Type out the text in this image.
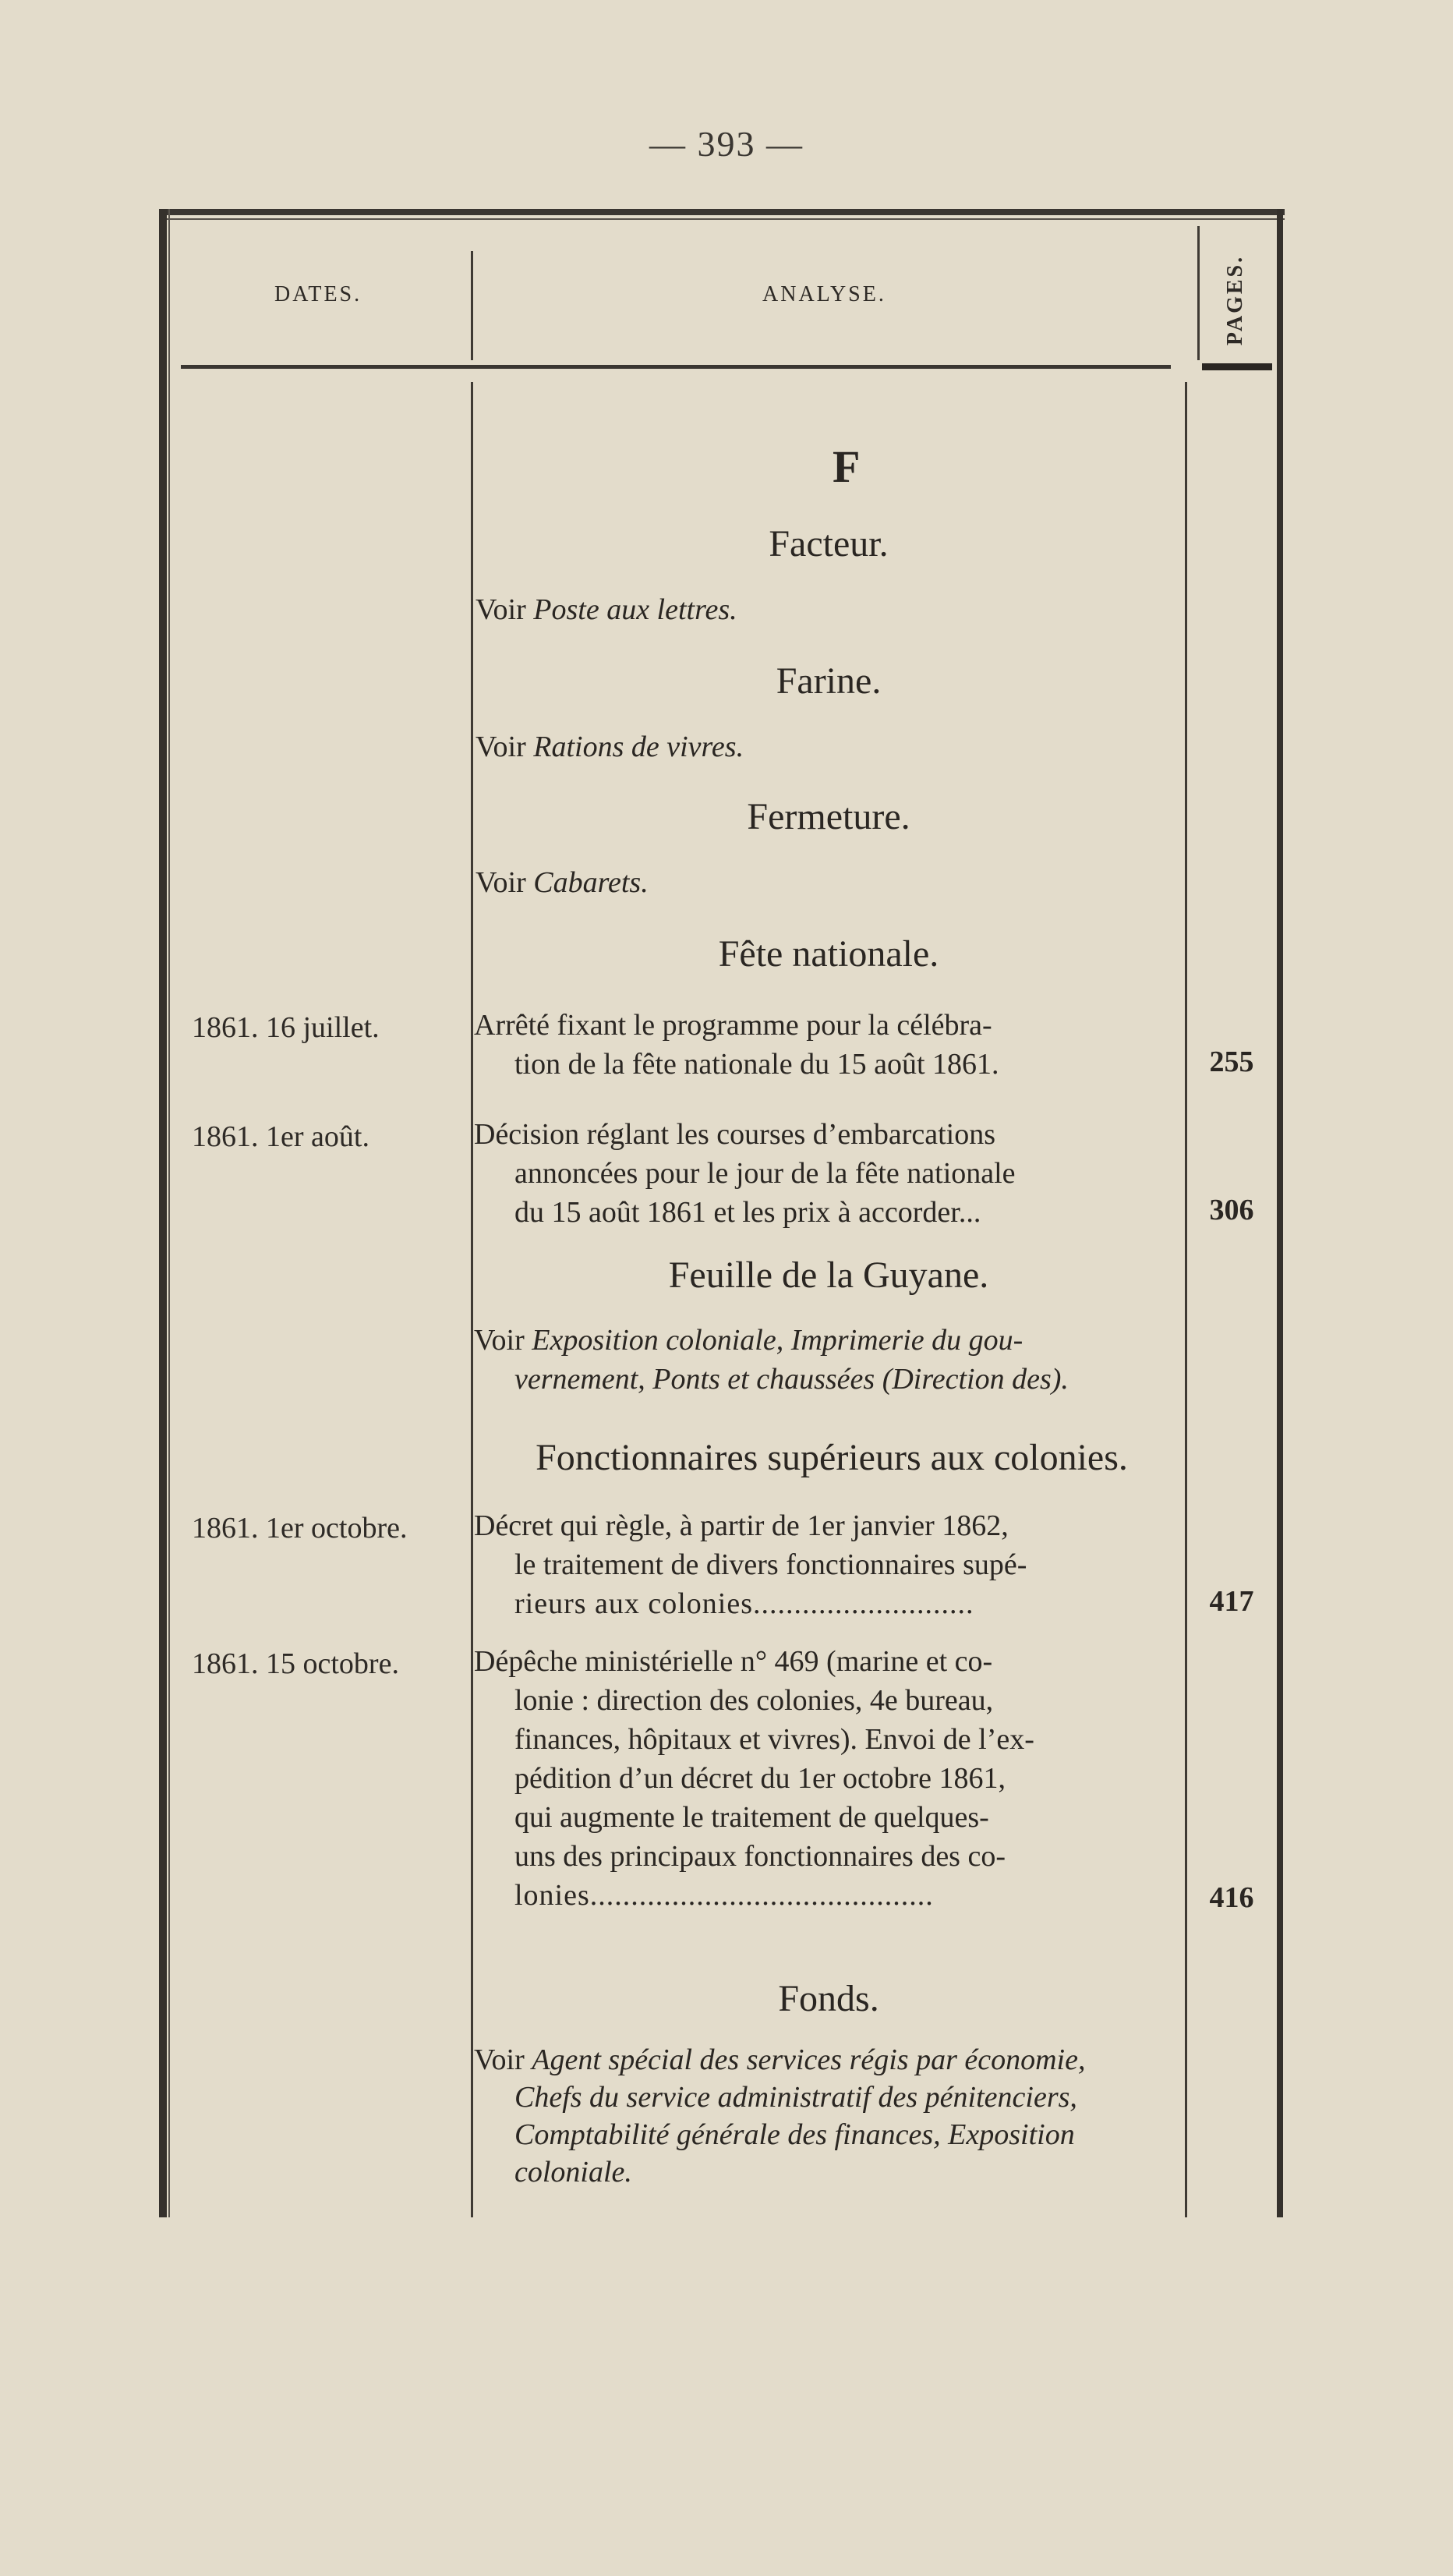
— 393 —
DATES.	ANALYSE.	PAGES.
F
Facteur.
Voir Poste aux lettres.
Farine.
Voir Rations de vivres.
Fermeture.
Voir Cabarets.
Fête nationale.
1861. 16 juillet.	Arrêté fixant le programme pour la célébra-
tion de la fête nationale du 15 août 1861.	255
1861. 1er août.	Décision réglant les courses d’embarcations
annoncées pour le jour de la fête nationale
du 15 août 1861 et les prix à accorder...	306
Feuille de la Guyane.
Voir Exposition coloniale, Imprimerie du gou-
vernement, Ponts et chaussées (Direction des).
Fonctionnaires supérieurs aux colonies.
1861. 1er octobre. Décret qui règle, à partir de 1er janvier 1862,
le traitement de divers fonctionnaires supé-
rieurs aux colonies...........................	417
1861. 15 octobre.	Dépêche ministérielle n° 469 (marine et co-
lonie : direction des colonies, 4e bureau,
finances, hôpitaux et vivres). Envoi de l’ex-
pédition d’un décret du 1er octobre 1861,
qui augmente le traitement de quelques-
uns des principaux fonctionnaires des co-
lonies..........................................	416
Fonds.
Voir Agent spécial des services régis par économie,
Chefs du service administratif des pénitenciers,
Comptabilité générale des finances, Exposition
coloniale.
